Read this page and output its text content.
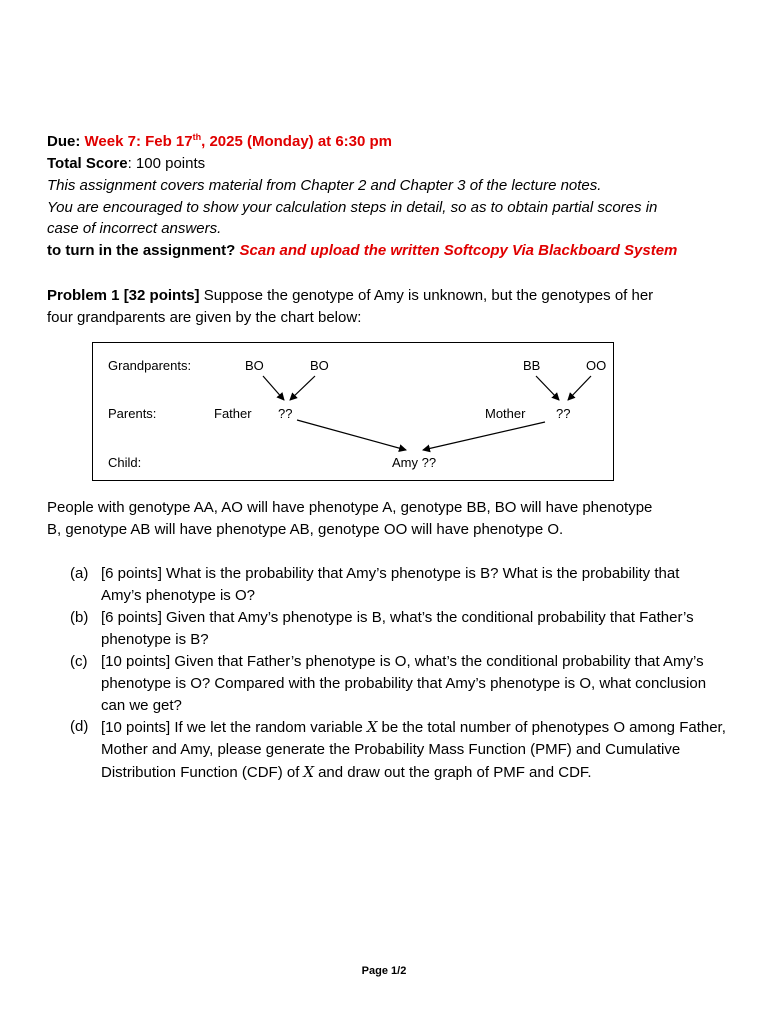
Due: Week 7: Feb 17th, 2025 (Monday) at 6:30 pm
Total Score: 100 points
This assignment covers material from Chapter 2 and Chapter 3 of the lecture notes.
You are encouraged to show your calculation steps in detail, so as to obtain partial scores in
case of incorrect answers.
to turn in the assignment? Scan and upload the written Softcopy Via Blackboard System
Problem 1 [32 points] Suppose the genotype of Amy is unknown, but the genotypes of her
four grandparents are given by the chart below:
Grandparents:
Parents:
Child:
BO	BO	BB	OO
Father ??	Mother ??
Amy ??
People with genotype AA, AO will have phenotype A, genotype BB, BO will have phenotype
B, genotype AB will have phenotype AB, genotype OO will have phenotype O.
(a) [6 points] What is the probability that Amy’s phenotype is B? What is the probability that Amy’s phenotype is O?
(b) [6 points] Given that Amy’s phenotype is B, what’s the conditional probability that Father’s phenotype is B?
(c) [10 points] Given that Father’s phenotype is O, what’s the conditional probability that Amy’s phenotype is O? Compared with the probability that Amy’s phenotype is O, what conclusion can we get?
(d) [10 points] If we let the random variable X be the total number of phenotypes O among Father, Mother and Amy, please generate the Probability Mass Function (PMF) and Cumulative Distribution Function (CDF) of X and draw out the graph of PMF and CDF.
Page 1/2
